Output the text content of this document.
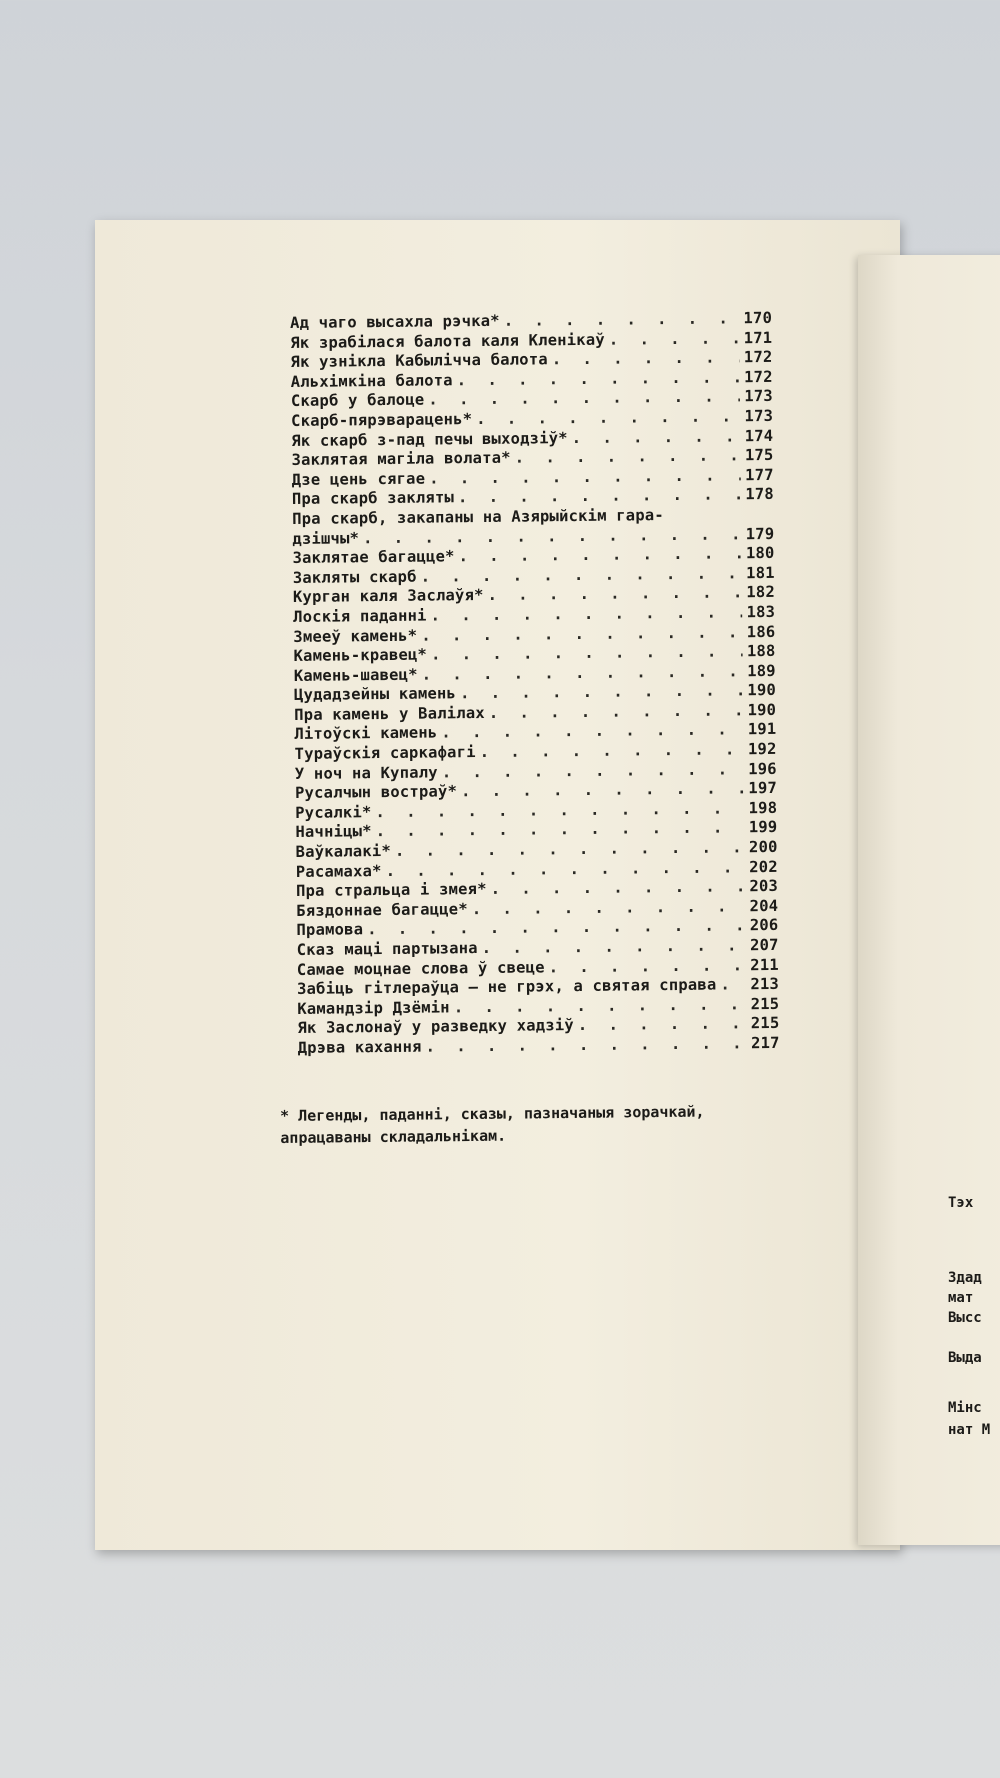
Ад чаго высахла рэчка* . . .	170
Як зрабілася балота каля Кленікаў . . .	171
Як узнікла Кабылічча балота . . .	172
Альхімкіна балота . . .	172
Скарб у балоце . . .	173
Скарб-пярэварацень* . . .	173
Як скарб з-пад печы выходзіў* . . .	174
Заклятая магіла волата* . . .	175
Дзе цень сягае . . .	177
Пра скарб закляты . . .	178
Пра скарб, закапаны на Азярыйскім гара-
дзішчы* . . .	179
Заклятае багацце* . . .	180
Закляты скарб . . .	181
Курган каля Заслаўя* . . .	182
Лоскія паданні . . .	183
Змееў камень* . . .	186
Камень-кравец* . . .	188
Камень-шавец* . . .	189
Цудадзейны камень . . .	190
Пра камень у Валілах . . .	190
Літоўскі камень . . .	191
Тураўскія саркафагі . . .	192
У ноч на Купалу . . .	196
Русалчын востраў* . . .	197
Русалкі* . . .	198
Начніцы* . . .	199
Ваўкалакі* . . .	200
Расамаха* . . .	202
Пра стральца і змея* . . .	203
Бяздоннае багацце* . . .	204
Прамова . . .	206
Сказ маці партызана . . .	207
Самае моцнае слова ў свеце . . .	211
Забіць гітлераўца — не грэх, а святая справа . . . 213
Камандзір Дзёмін . . .	215
Як Заслонаў у разведку хадзіў . . .	215
Дрэва кахання . . .	217
* Легенды, паданні, сказы, пазначаныя зорачкай,
апрацаваны складальнікам.
Тэх
Здад
мат
Высс
Выда
Мінс
нат М
